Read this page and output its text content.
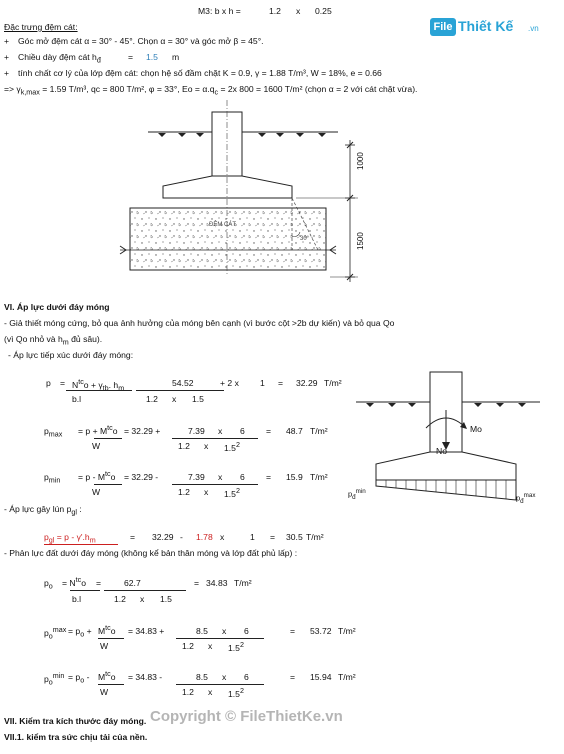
M3: b x h =	1.2 x 0.25
File Thiết Kế .vn
Đặc trưng đệm cát:
+ Góc mở đệm cát α = 30° - 45°. Chọn α = 30° và góc mở β = 45°.
+ Chiều dày đệm cát $h_đ$	= 1.5 m
+ tính chất cơ lý của lớp đệm cát: chọn hệ số đầm chặt K = 0.9, γ = 1.88 T/m³, W = 18%, e = 0.66
=> $\gamma_{k,max} = 1.59$ T/m³, qc = 800 T/m², φ = 33°, $Eo = \alpha.q_c = 2x$ 800 = 1600 T/m² (chọn α = 2 với cát chặt vừa).
1000
1500
ĐỆM CÁT
30°
VI. Áp lực dưới đáy móng
- Giả thiết móng cứng, bỏ qua ảnh hưởng của móng bên cạnh (vì bước cột >2b dự kiến) và bỏ qua Qo
(vì Qo nhỏ và $h_m$ đủ sâu).
- Áp lực tiếp xúc dưới đáy móng:
$p = N^{tc}o + \gamma_{tb}$. $h_m$
b.l
54.52
1.2 x 1.5
+ 2 x 1 = 32.29 T/m²
$p_{max} = p + M^{tc}o$
W
= 32.29 +	7.39 x 6
1.2 x $1.5^2$
= 48.7 T/m²
$p_{min} = p - M^{tc}o$
W
= 32.29 -	7.39 x 6
1.2 x $1.5^2$
= 15.9 T/m²
Mo
No
$p_đ^{min}$
$p_đ^{max}$
- Áp lực gây lún $p_{gl}$ :
$p_{gl} = p - \gamma'.h_m$	= 32.29 - 1.78 x	1 = 30.5 T/m²
- Phản lực đất dưới đáy móng (không kể bản thân móng và lớp đất phủ lấp) :
$p_o = N^{tc}o$
b.l
=	62.7
1.2 x 1.5
= 34.83 T/m²
$p_o^{max} = p_o + M^{tc}o$
W
= 34.83 +	8.5 x 6
1.2 x $1.5^2$
= 53.72 T/m²
$p_o^{min} = p_o - M^{tc}o$
W
= 34.83 -	8.5 x 6
1.2 x $1.5^2$
= 15.94 T/m²
VII. Kiểm tra kích thước đáy móng.
VII.1. kiểm tra sức chịu tải của nền.
Copyright © FileThietKe.vn
